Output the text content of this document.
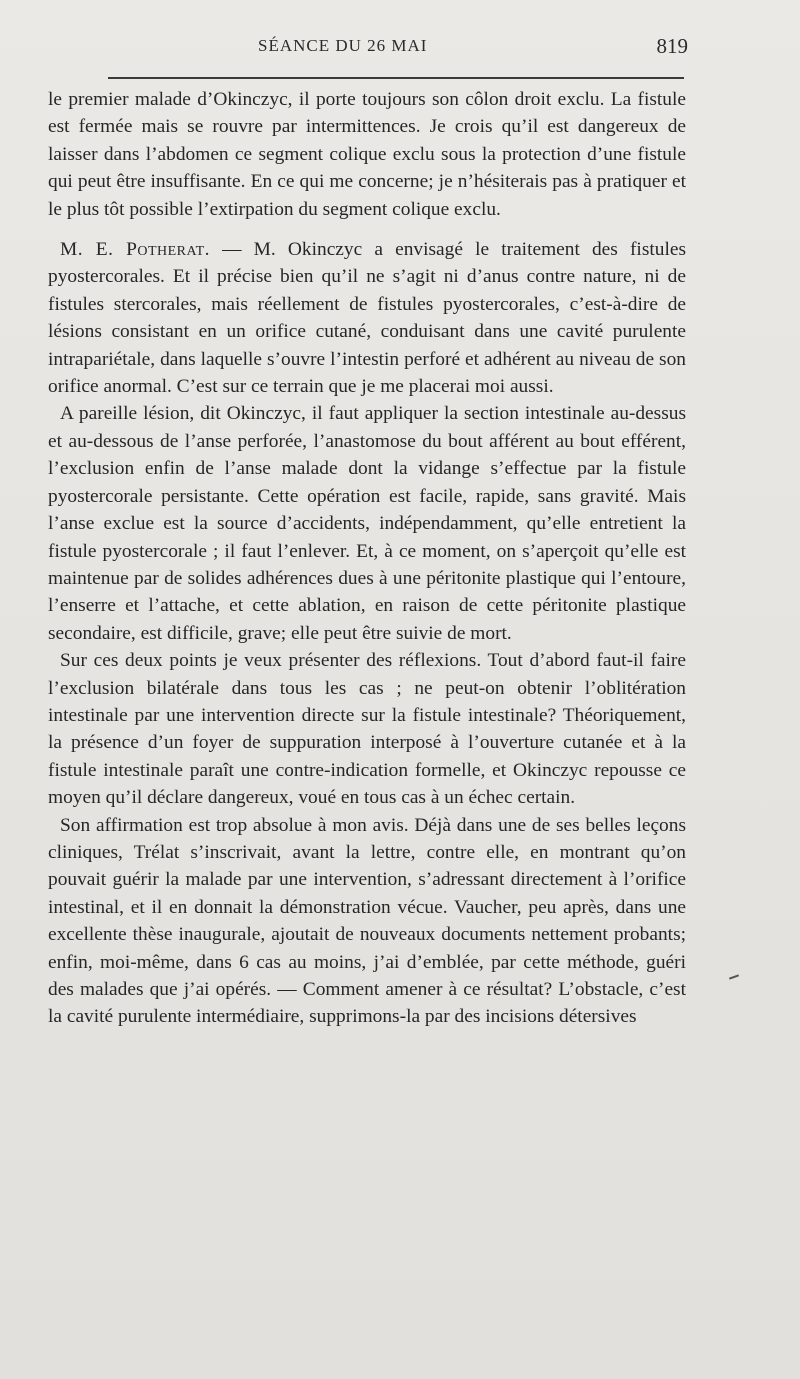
SÉANCE DU 26 MAI	819

le premier malade d’Okinczyc, il porte toujours son côlon droit exclu. La fistule est fermée mais se rouvre par intermittences. Je crois qu’il est dangereux de laisser dans l’abdomen ce segment colique exclu sous la protection d’une fistule qui peut être insuffisante. En ce qui me concerne; je n’hésiterais pas à pratiquer et le plus tôt possible l’extirpation du segment colique exclu.

M. E. Potherat. — M. Okinczyc a envisagé le traitement des fistules pyostercorales. Et il précise bien qu’il ne s’agit ni d’anus contre nature, ni de fistules stercorales, mais réellement de fistules pyostercorales, c’est-à-dire de lésions consistant en un orifice cutané, conduisant dans une cavité purulente intrapariétale, dans laquelle s’ouvre l’intestin perforé et adhérent au niveau de son orifice anormal. C’est sur ce terrain que je me placerai moi aussi.

A pareille lésion, dit Okinczyc, il faut appliquer la section intestinale au-dessus et au-dessous de l’anse perforée, l’anastomose du bout afférent au bout efférent, l’exclusion enfin de l’anse malade dont la vidange s’effectue par la fistule pyostercorale persistante. Cette opération est facile, rapide, sans gravité. Mais l’anse exclue est la source d’accidents, indépendamment, qu’elle entretient la fistule pyostercorale ; il faut l’enlever. Et, à ce moment, on s’aperçoit qu’elle est maintenue par de solides adhérences dues à une péritonite plastique qui l’entoure, l’enserre et l’attache, et cette ablation, en raison de cette péritonite plastique secondaire, est difficile, grave; elle peut être suivie de mort.

Sur ces deux points je veux présenter des réflexions. Tout d’abord faut-il faire l’exclusion bilatérale dans tous les cas ; ne peut-on obtenir l’oblitération intestinale par une intervention directe sur la fistule intestinale? Théoriquement, la présence d’un foyer de suppuration interposé à l’ouverture cutanée et à la fistule intestinale paraît une contre-indication formelle, et Okinczyc repousse ce moyen qu’il déclare dangereux, voué en tous cas à un échec certain.

Son affirmation est trop absolue à mon avis. Déjà dans une de ses belles leçons cliniques, Trélat s’inscrivait, avant la lettre, contre elle, en montrant qu’on pouvait guérir la malade par une intervention, s’adressant directement à l’orifice intestinal, et il en donnait la démonstration vécue. Vaucher, peu après, dans une excellente thèse inaugurale, ajoutait de nouveaux documents nettement probants; enfin, moi-même, dans 6 cas au moins, j’ai d’emblée, par cette méthode, guéri des malades que j’ai opérés. — Comment amener à ce résultat? L’obstacle, c’est la cavité purulente intermédiaire, supprimons-la par des incisions détersives
